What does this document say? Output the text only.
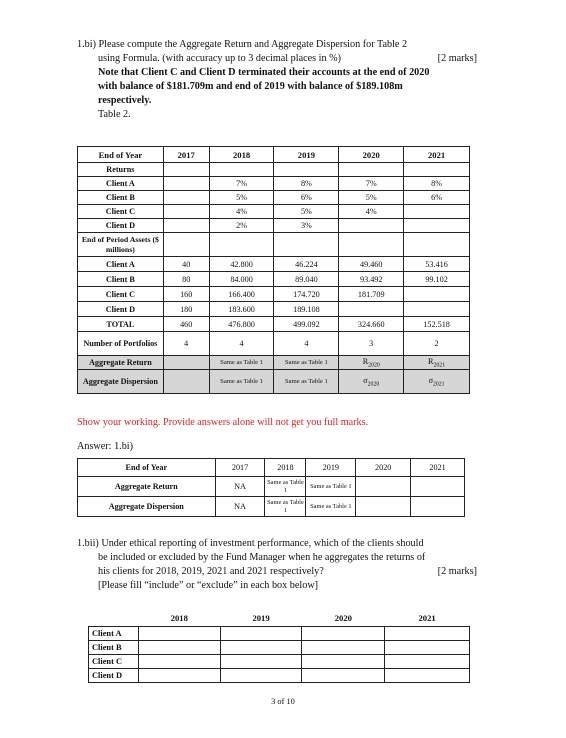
1.bi) Please compute the Aggregate Return and Aggregate Dispersion for Table 2
using Formula. (with accuracy up to 3 decimal places in %)	[2 marks]
Note that Client C and Client D terminated their accounts at the end of 2020
with balance of $181.709m and end of 2019 with balance of $189.108m
respectively.
Table 2.
End of Year	2017	2018	2019	2020	2021
Returns					
Client A		7%	8%	7%	8%
Client B		5%	6%	5%	6%
Client C		4%	5%	4%	
Client D		2%	3%		
End of Period Assets ($ millions)					
Client A	40	42.800	46.224	49.460	53.416
Client B	80	84.000	89.040	93.492	99.102
Client C	160	166.400	174.720	181.709	
Client D	180	183.600	189.108		
TOTAL	460	476.800	499.092	324.660	152.518
Number of Portfolios	4	4	4	3	2
Aggregate Return		Same as Table 1	Same as Table 1	$R_{2020}$	$R_{2021}$
Aggregate Dispersion		Same as Table 1	Same as Table 1	$\sigma_{2020}$	$\sigma_{2021}$
Show your working. Provide answers alone will not get you full marks.
Answer: 1.bi)
End of Year	2017	2018	2019	2020	2021
Aggregate Return	NA	Same as Table 1	Same as Table 1		
Aggregate Dispersion	NA	Same as Table 1	Same as Table 1		
1.bii) Under ethical reporting of investment performance, which of the clients should
be included or excluded by the Fund Manager when he aggregates the returns of
his clients for 2018, 2019, 2021 and 2021 respectively?	[2 marks]
[Please fill “include” or “exclude” in each box below]
	2018	2019	2020	2021
Client A				
Client B				
Client C				
Client D				
3 of 10
